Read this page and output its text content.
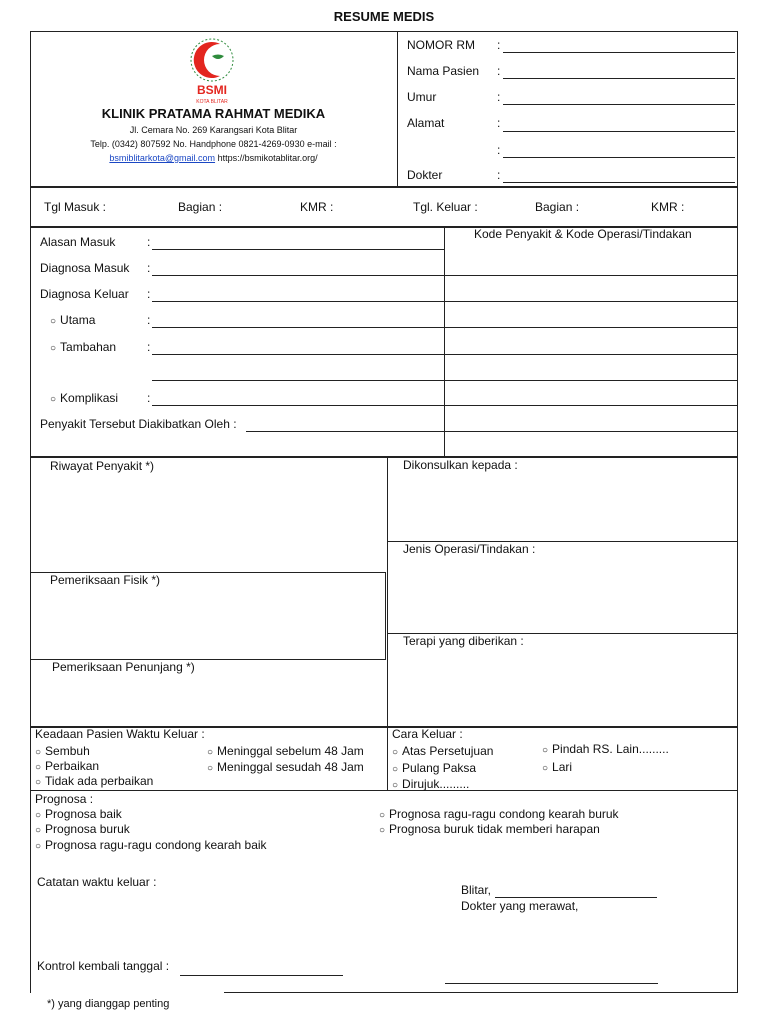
RESUME MEDIS
BSMI
KOTA BLITAR
KLINIK PRATAMA RAHMAT MEDIKA
Jl. Cemara No. 269 Karangsari Kota Blitar
Telp. (0342) 807592 No. Handphone 0821-4269-0930 e-mail :
bsmiblitarkota@gmail.com https://bsmikotablitar.org/
NOMOR RM :
Nama Pasien :
Umur	:
Alamat	:
:
Dokter	:
Tgl Masuk :	Bagian :	KMR :	Tgl. Keluar :	Bagian :	KMR :
Kode Penyakit & Kode Operasi/Tindakan
Alasan Masuk	:
Diagnosa Masuk :
Diagnosa Keluar :
○ Utama	:
○ Tambahan	:
○ Komplikasi :
Penyakit Tersebut Diakibatkan Oleh :
Riwayat Penyakit *)
Pemeriksaan Fisik *)
Pemeriksaan Penunjang *)
Dikonsulkan kepada :
Jenis Operasi/Tindakan :
Terapi yang diberikan :
Keadaan Pasien Waktu Keluar :
○ Sembuh
○ Perbaikan
○ Tidak ada perbaikan
○ Meninggal sebelum 48 Jam
○ Meninggal sesudah 48 Jam
Cara Keluar :
○ Atas Persetujuan
○ Pulang Paksa
○ Dirujuk.........
○ Pindah RS. Lain.........
○ Lari
Prognosa :
○ Prognosa baik
○ Prognosa buruk
○ Prognosa ragu-ragu condong kearah baik
○ Prognosa ragu-ragu condong kearah buruk
○ Prognosa buruk tidak memberi harapan
Catatan waktu keluar :
Blitar,
Dokter yang merawat,
Kontrol kembali tanggal :
*) yang dianggap penting
